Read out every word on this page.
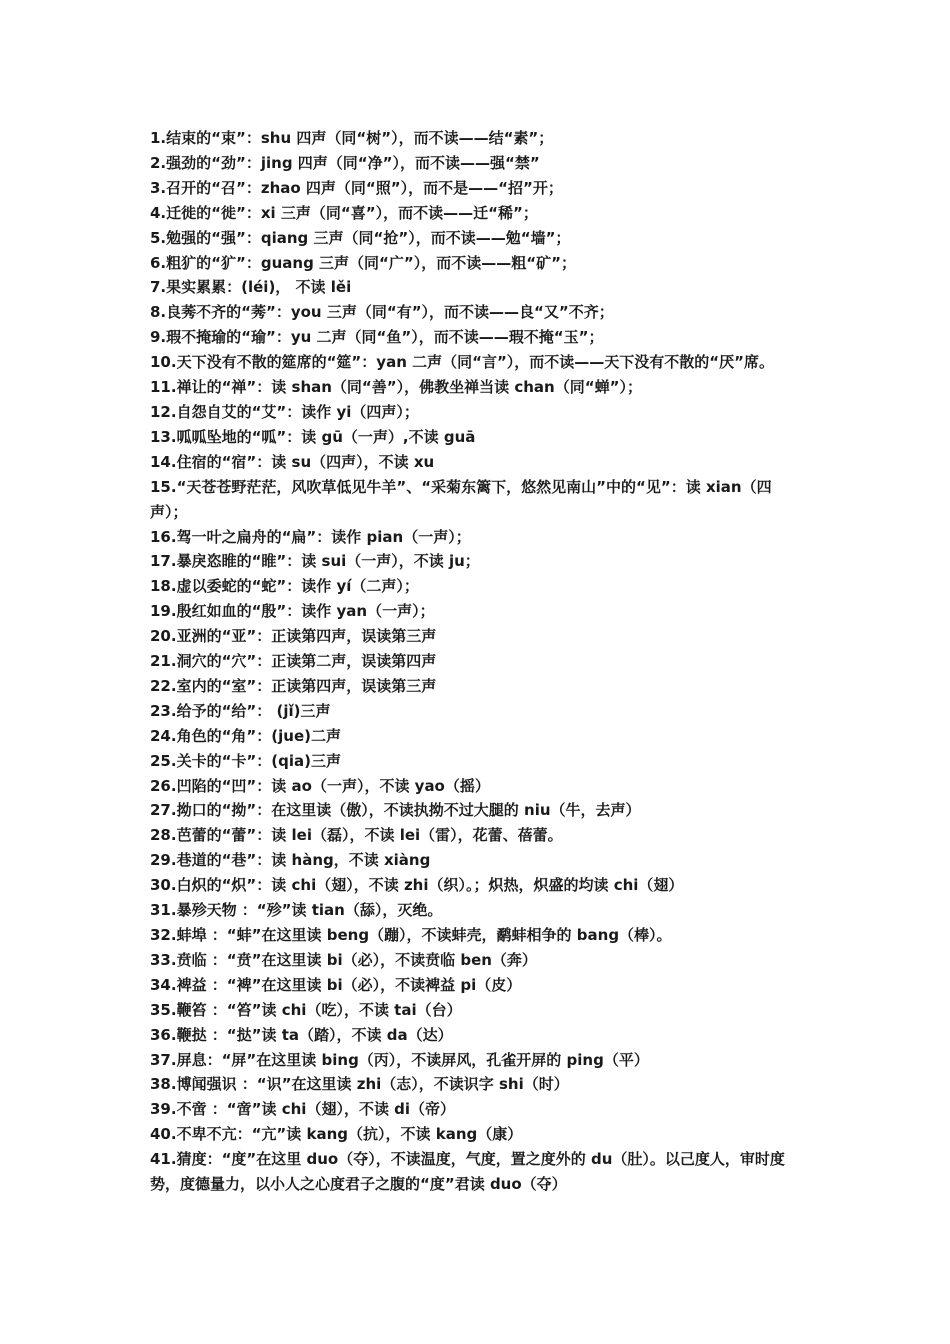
1.结束的“束”：shu 四声（同“树”），而不读——结“素”；
2.强劲的“劲”：jing 四声（同“净”），而不读——强“禁”
3.召开的“召”：zhao 四声（同“照”），而不是——“招”开；
4.迁徙的“徙”：xi 三声（同“喜”），而不读——迁“稀”；
5.勉强的“强”：qiang 三声（同“抢”），而不读——勉“墙”；
6.粗犷的“犷”：guang 三声（同“广”），而不读——粗“矿”；
7.果实累累：(léi)， 不读 lěi
8.良莠不齐的“莠”：you 三声（同“有”），而不读——良“又”不齐；
9.瑕不掩瑜的“瑜”：yu 二声（同“鱼”），而不读——瑕不掩“玉”；
10.天下没有不散的筵席的“筵”：yan 二声（同“言”），而不读——天下没有不散的“厌”席。
11.禅让的“禅”：读 shan（同“善”），佛教坐禅当读 chan（同“蝉”）；
12.自怨自艾的“艾”：读作 yi（四声）；
13.呱呱坠地的“呱”：读 gū（一声）,不读 guā
14.住宿的“宿”：读 su（四声），不读 xu
15.“天苍苍野茫茫，风吹草低见牛羊”、“采菊东篱下，悠然见南山”中的“见”：读 xian（四声）；
16.驾一叶之扁舟的“扁”：读作 pian（一声）；
17.暴戾恣睢的“睢”：读 sui（一声），不读 ju；
18.虚以委蛇的“蛇”：读作 yí（二声）；
19.殷红如血的“殷”：读作 yan（一声）；
20.亚洲的“亚”：正读第四声，误读第三声
21.洞穴的“穴”：正读第二声，误读第四声
22.室内的“室”：正读第四声，误读第三声
23.给予的“给”： (jǐ)三声
24.角色的“角”：(jue)二声
25.关卡的“卡”：(qia)三声
26.凹陷的“凹”：读 ao（一声），不读 yao（摇）
27.拗口的“拗”：在这里读（傲），不读执拗不过大腿的 niu（牛，去声）
28.芭蕾的“蕾”：读 lei（磊），不读 lei（雷），花蕾、蓓蕾。
29.巷道的“巷”：读 hàng，不读 xiàng
30.白炽的“炽”：读 chi（翅），不读 zhi（织）。；炽热，炽盛的均读 chi（翅）
31.暴殄天物 ：“殄”读 tian（舔），灭绝。
32.蚌埠 ：“蚌”在这里读 beng（蹦），不读蚌壳，鹬蚌相争的 bang（棒）。
33.贲临 ：“贲”在这里读 bi（必），不读贲临 ben（奔）
34.裨益 ：“裨”在这里读 bi（必），不读裨益 pi（皮）
35.鞭笞 ：“笞”读 chi（吃），不读 tai（台）
36.鞭挞 ：“挞”读 ta（踏），不读 da（达）
37.屏息：“屏”在这里读 bing（丙），不读屏风，孔雀开屏的 ping（平）
38.博闻强识 ：“识”在这里读 zhi（志），不读识字 shi（时）
39.不啻 ：“啻”读 chi（翅），不读 di（帝）
40.不卑不亢：“亢”读 kang（抗），不读 kang（康）
41.猜度：“度”在这里 duo（夺），不读温度，气度，置之度外的 du（肚）。以己度人，审时度势，度德量力，以小人之心度君子之腹的“度”君读 duo（夺）
